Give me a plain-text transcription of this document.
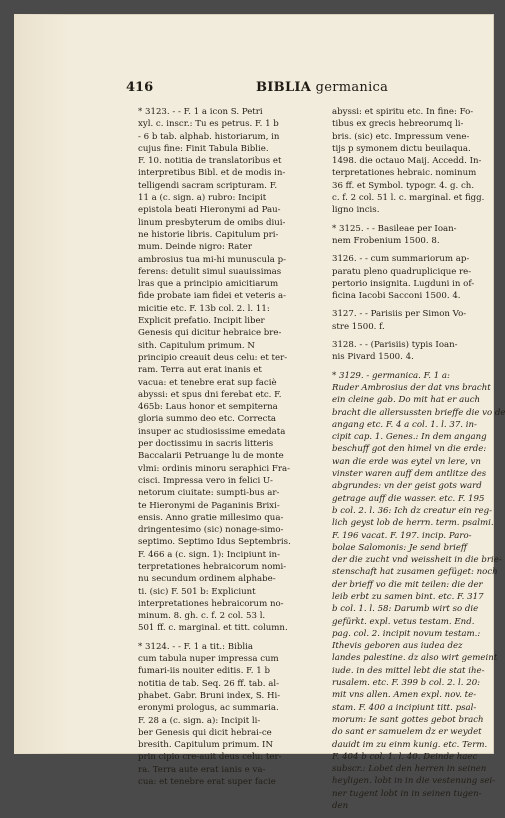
416	BIBLIA germanica
* 3123. - - F. 1 a icon S. Petri
xyl. c. inscr.: Tu es petrus. F. 1 b
- 6 b tab. alphab. historiarum, in
cujus fine: Finit Tabula Biblie.
F. 10. notitia de translatoribus et
interpretibus Bibl. et de modis in-
telligendi sacram scripturam. F.
11 a (c. sign. a) rubro: Incipit
epistola beati Hieronymi ad Pau-
linum presbyterum de omibs diui-
ne historie libris. Capitulum pri-
mum. Deinde nigro: Rater
ambrosius tua mi-hi munuscula p-
ferens: detulit simul suauissimas
lras que a principio amicitiarum
fide probate iam fidei et veteris a-
micitie etc. F. 13b col. 2. l. 11:
Explicit prefatio. Incipit liber
Genesis qui dicitur hebraice bre-
sith. Capitulum primum. N
principio creauit deus celu: et ter-
ram. Terra aut erat inanis et
vacua: et tenebre erat sup faciè
abyssi: et spus dni ferebat etc. F.
465b: Laus honor et sempiterna
gloria summo deo etc. Correcta
insuper ac studiosissime emedata
per doctissimu in sacris litteris
Baccalarii Petruange lu de monte
vlmi: ordinis minoru seraphici Fra-
cisci. Impressa vero in felici U-
netorum ciuitate: sumpti-bus ar-
te Hieronymi de Paganinis Brixi-
ensis. Anno gratie millesimo qua-
dringentesimo (sic) nonage-simo-
septimo. Septimo Idus Septembris.
F. 466 a (c. sign. 1): Incipiunt in-
terpretationes hebraicorum nomi-
nu secundum ordinem alphabe-
ti. (sic) F. 501 b: Expliciunt
interpretationes hebraicorum no-
minum. 8. gh. c. f. 2 col. 53 l.
501 ff. c. marginal. et titt. column.
* 3124. - - F. 1 a tit.: Biblia
cum tabula nuper impressa cum
fumari-iis nouiter editis. F. 1 b
notitia de tab. Seq. 26 ff. tab. al-
phabet. Gabr. Bruni index, S. Hi-
eronymi prologus, ac summaria.
F. 28 a (c. sign. a): Incipit li-
ber Genesis qui dicit hebrai-ce
bresith. Capitulum primum. IN
prin cipio cre-auit deus celu: ter-
ra. Terra aute erat ianis e va-
cua: et tenebre erat super facie
abyssi: et spiritu etc. In fine: Fo-
tibus ex grecis hebreorumq li-
bris. (sic) etc. Impressum vene-
tijs p symonem dictu beuilaqua.
1498. die octauo Maij. Accedd. In-
terpretationes hebraic. nominum
36 ff. et Symbol. typogr. 4. g. ch.
c. f. 2 col. 51 l. c. marginal. et figg.
ligno incis.
* 3125. - - Basileae per Ioan-
nem Frobenium 1500. 8.
3126. - - cum summariorum ap-
paratu pleno quadruplicique re-
pertorio insignita. Lugduni in of-
ficina Iacobi Sacconi 1500. 4.
3127. - - Parisiis per Simon Vo-
stre 1500. f.
3128. - - (Parisiis) typis Ioan-
nis Pivard 1500. 4.
* 3129. - germanica. F. 1 a:
Ruder Ambrosius der dat vns bracht
ein cleine gab. Do mit hat er auch
bracht die allersussten brieffe die vo de
angang etc. F. 4 a col. 1. l. 37. in-
cipit cap. 1. Genes.: In dem angang
beschuff got den himel vn die erde:
wan die erde was eytel vn lere, vn
vinster waren auff dem antlitze des
abgrundes: vn der geist gots ward
getrage auff die wasser. etc. F. 195
b col. 2. l. 36: Ich dz creatur ein reg-
lich geyst lob de herrn. term. psalmi.
F. 196 vacat. F. 197. incip. Paro-
bolae Salomonis: Je send brieff
der die zucht vnd weissheit in die brie-
stenschaft hat zusamen gefüget: noch
der brieff vo die mit teilen: die der
leib erbt zu samen bint. etc. F. 317
b col. 1. l. 58: Darumb wirt so die
gefürkt. expl. vetus testam. End.
pag. col. 2. incipit novum testam.:
Ithevis geboren aus iudea dez
landes palestine. dz also wirt gemeint
iude. in des mittel lebt die stat ihe-
rusalem. etc. F. 399 b col. 2. l. 20:
mit vns allen. Amen expl. nov. te-
stam. F. 400 a incipiunt titt. psal-
morum: Ie sant gottes gebot brach
do sant er samuelem dz er weydet
dauidt im zu einm kunig. etc. Term.
F. 404 b col. 1. l. 40. Deinde haec
subscr.: Lobet den herren in seinen
heyligen. lobt in in die vestenung sei-
ner tugent lobt in in seinen tugen-
den
